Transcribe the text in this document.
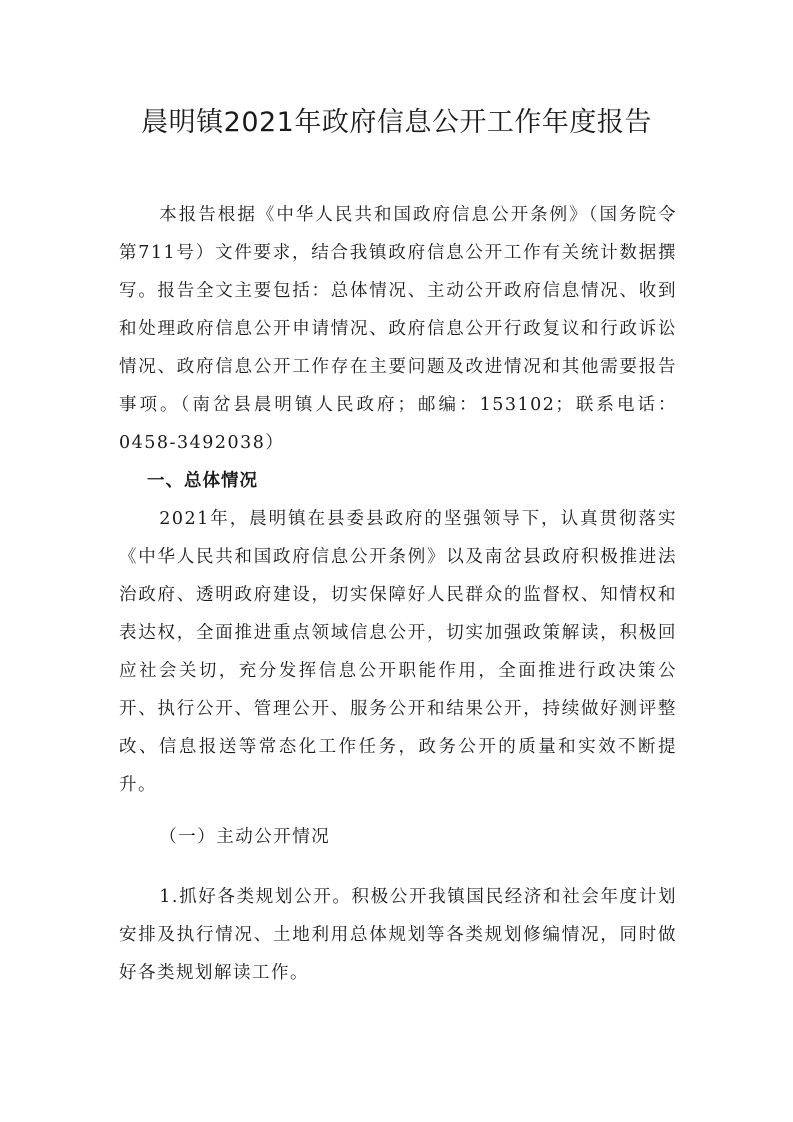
晨明镇2021年政府信息公开工作年度报告

本报告根据《中华人民共和国政府信息公开条例》（国务院令第711号）文件要求，结合我镇政府信息公开工作有关统计数据撰写。报告全文主要包括：总体情况、主动公开政府信息情况、收到和处理政府信息公开申请情况、政府信息公开行政复议和行政诉讼情况、政府信息公开工作存在主要问题及改进情况和其他需要报告事项。（南岔县晨明镇人民政府；邮编：153102；联系电话：0458-3492038）

一、总体情况

2021年，晨明镇在县委县政府的坚强领导下，认真贯彻落实《中华人民共和国政府信息公开条例》以及南岔县政府积极推进法治政府、透明政府建设，切实保障好人民群众的监督权、知情权和表达权，全面推进重点领域信息公开，切实加强政策解读，积极回应社会关切，充分发挥信息公开职能作用，全面推进行政决策公开、执行公开、管理公开、服务公开和结果公开，持续做好测评整改、信息报送等常态化工作任务，政务公开的质量和实效不断提升。

（一）主动公开情况

1.抓好各类规划公开。积极公开我镇国民经济和社会年度计划安排及执行情况、土地利用总体规划等各类规划修编情况，同时做好各类规划解读工作。
